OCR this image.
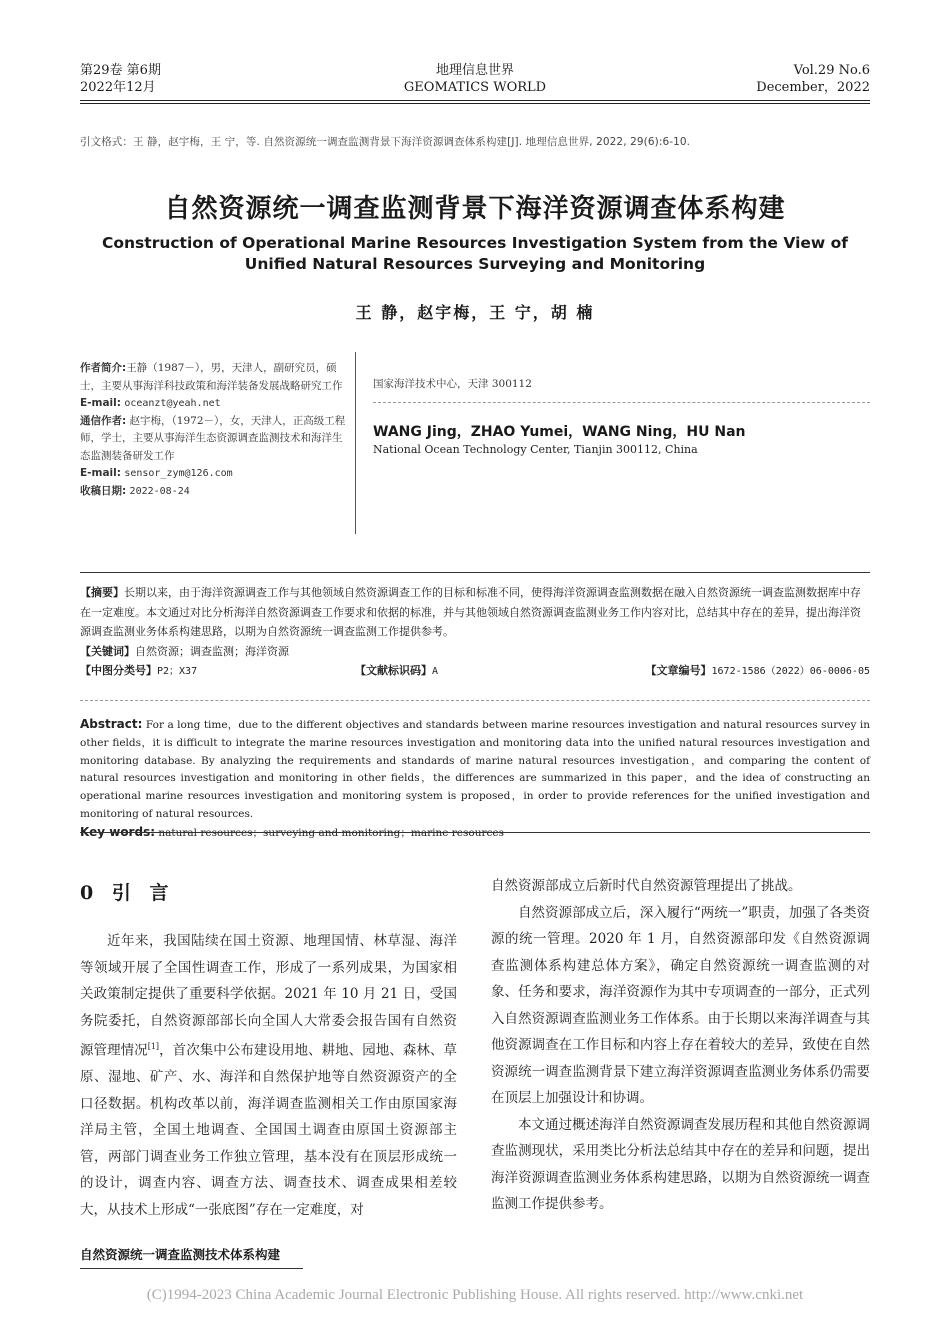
第29卷 第6期
2022年12月
地理信息世界
GEOMATICS WORLD
Vol.29 No.6
December，2022
引文格式：王 静，赵宇梅，王 宁，等. 自然资源统一调查监测背景下海洋资源调查体系构建[J]. 地理信息世界, 2022, 29(6):6-10.
自然资源统一调查监测背景下海洋资源调查体系构建
Construction of Operational Marine Resources Investigation System from the View of Unified Natural Resources Surveying and Monitoring
王 静，赵宇梅，王 宁，胡 楠
作者简介:王静（1987－），男，天津人，副研究员，硕士，主要从事海洋科技政策和海洋装备发展战略研究工作
E-mail: oceanzt@yeah.net
通信作者: 赵宇梅，（1972－），女，天津人，正高级工程师，学士，主要从事海洋生态资源调查监测技术和海洋生态监测装备研发工作
E-mail: sensor_zym@126.com
收稿日期: 2022-08-24
国家海洋技术中心，天津 300112
WANG Jing，ZHAO Yumei，WANG Ning，HU Nan
National Ocean Technology Center, Tianjin 300112, China
【摘要】长期以来，由于海洋资源调查工作与其他领域自然资源调查工作的目标和标准不同，使得海洋资源调查监测数据在融入自然资源统一调查监测数据库中存在一定难度。本文通过对比分析海洋自然资源调查工作要求和依据的标准，并与其他领域自然资源调查监测业务工作内容对比，总结其中存在的差异，提出海洋资源调查监测业务体系构建思路，以期为自然资源统一调查监测工作提供参考。
【关键词】自然资源；调查监测；海洋资源
【中图分类号】P2；X37	【文献标识码】A	【文章编号】1672-1586（2022）06-0006-05
Abstract: For a long time，due to the different objectives and standards between marine resources investigation and natural resources survey in other fields，it is difficult to integrate the marine resources investigation and monitoring data into the unified natural resources investigation and monitoring database. By analyzing the requirements and standards of marine natural resources investigation，and comparing the content of natural resources investigation and monitoring in other fields，the differences are summarized in this paper，and the idea of constructing an operational marine resources investigation and monitoring system is proposed，in order to provide references for the unified investigation and monitoring of natural resources.
Key words: natural resources；surveying and monitoring；marine resources
0 引 言

近年来，我国陆续在国土资源、地理国情、林草湿、海洋等领域开展了全国性调查工作，形成了一系列成果，为国家相关政策制定提供了重要科学依据。2021 年 10 月 21 日，受国务院委托，自然资源部部长向全国人大常委会报告国有自然资源管理情况[1]，首次集中公布建设用地、耕地、园地、森林、草原、湿地、矿产、水、海洋和自然保护地等自然资源资产的全口径数据。机构改革以前，海洋调查监测相关工作由原国家海洋局主管，全国土地调查、全国国土调查由原国土资源部主管，两部门调查业务工作独立管理，基本没有在顶层形成统一的设计，调查内容、调查方法、调查技术、调查成果相差较大，从技术上形成“一张底图”存在一定难度，对

自然资源部成立后新时代自然资源管理提出了挑战。

自然资源部成立后，深入履行“两统一”职责，加强了各类资源的统一管理。2020 年 1 月，自然资源部印发《自然资源调查监测体系构建总体方案》，确定自然资源统一调查监测的对象、任务和要求，海洋资源作为其中专项调查的一部分，正式列入自然资源调查监测业务工作体系。由于长期以来海洋调查与其他资源调查在工作目标和内容上存在着较大的差异，致使在自然资源统一调查监测背景下建立海洋资源调查监测业务体系仍需要在顶层上加强设计和协调。

本文通过概述海洋自然资源调查发展历程和其他自然资源调查监测现状，采用类比分析法总结其中存在的差异和问题，提出海洋资源调查监测业务体系构建思路，以期为自然资源统一调查监测工作提供参考。

自然资源统一调查监测技术体系构建
(C)1994-2023 China Academic Journal Electronic Publishing House. All rights reserved. http://www.cnki.net
